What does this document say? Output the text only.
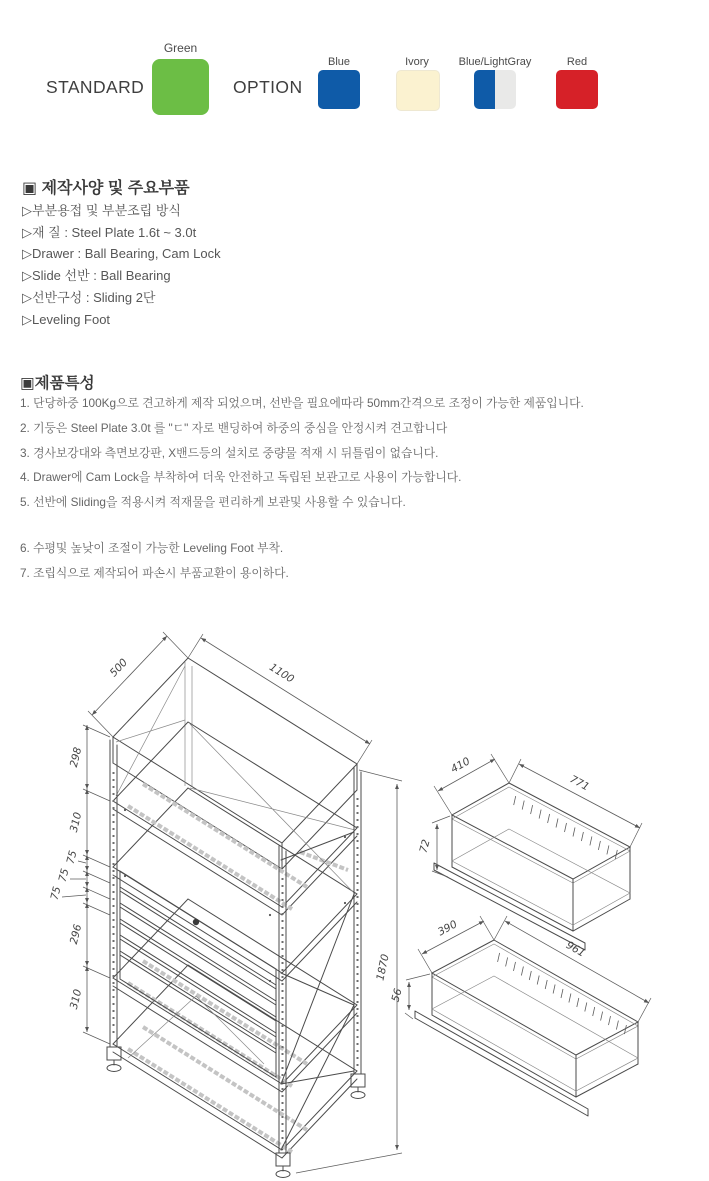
STANDARD
Green
OPTION
Blue	Ivory	Blue/LightGray	Red
▣ 제작사양 및 주요부품
▷부분용접 및 부분조립 방식
▷재 질 : Steel Plate 1.6t ~ 3.0t
▷Drawer : Ball Bearing, Cam Lock
▷Slide 선반 : Ball Bearing
▷선반구성 : Sliding 2단
▷Leveling Foot
▣제품특성
1. 단당하중 100Kg으로 견고하게 제작 되었으며, 선반을 필요에따라 50mm간격으로 조정이 가능한 제품입니다.
2. 기둥은 Steel Plate 3.0t 를 "ㄷ" 자로 밴딩하여 하중의 중심을 안정시켜 견고합니다
3. 경사보강대와 측면보강판, X밴드등의 설치로 중량물 적재 시 뒤틀림이 없습니다.
4. Drawer에 Cam Lock을 부착하여 더욱 안전하고 독립된 보관고로 사용이 가능합니다.
5. 선반에 Sliding을 적용시켜 적재물을 편리하게 보관및 사용할 수 있습니다.
6. 수평및 높낮이 조절이 가능한 Leveling Foot 부착.
7. 조립식으로 제작되어 파손시 부품교환이 용이하다.
500	1100
298
310
75
75
75
296
310
1870
410
771
72
390
961
56
